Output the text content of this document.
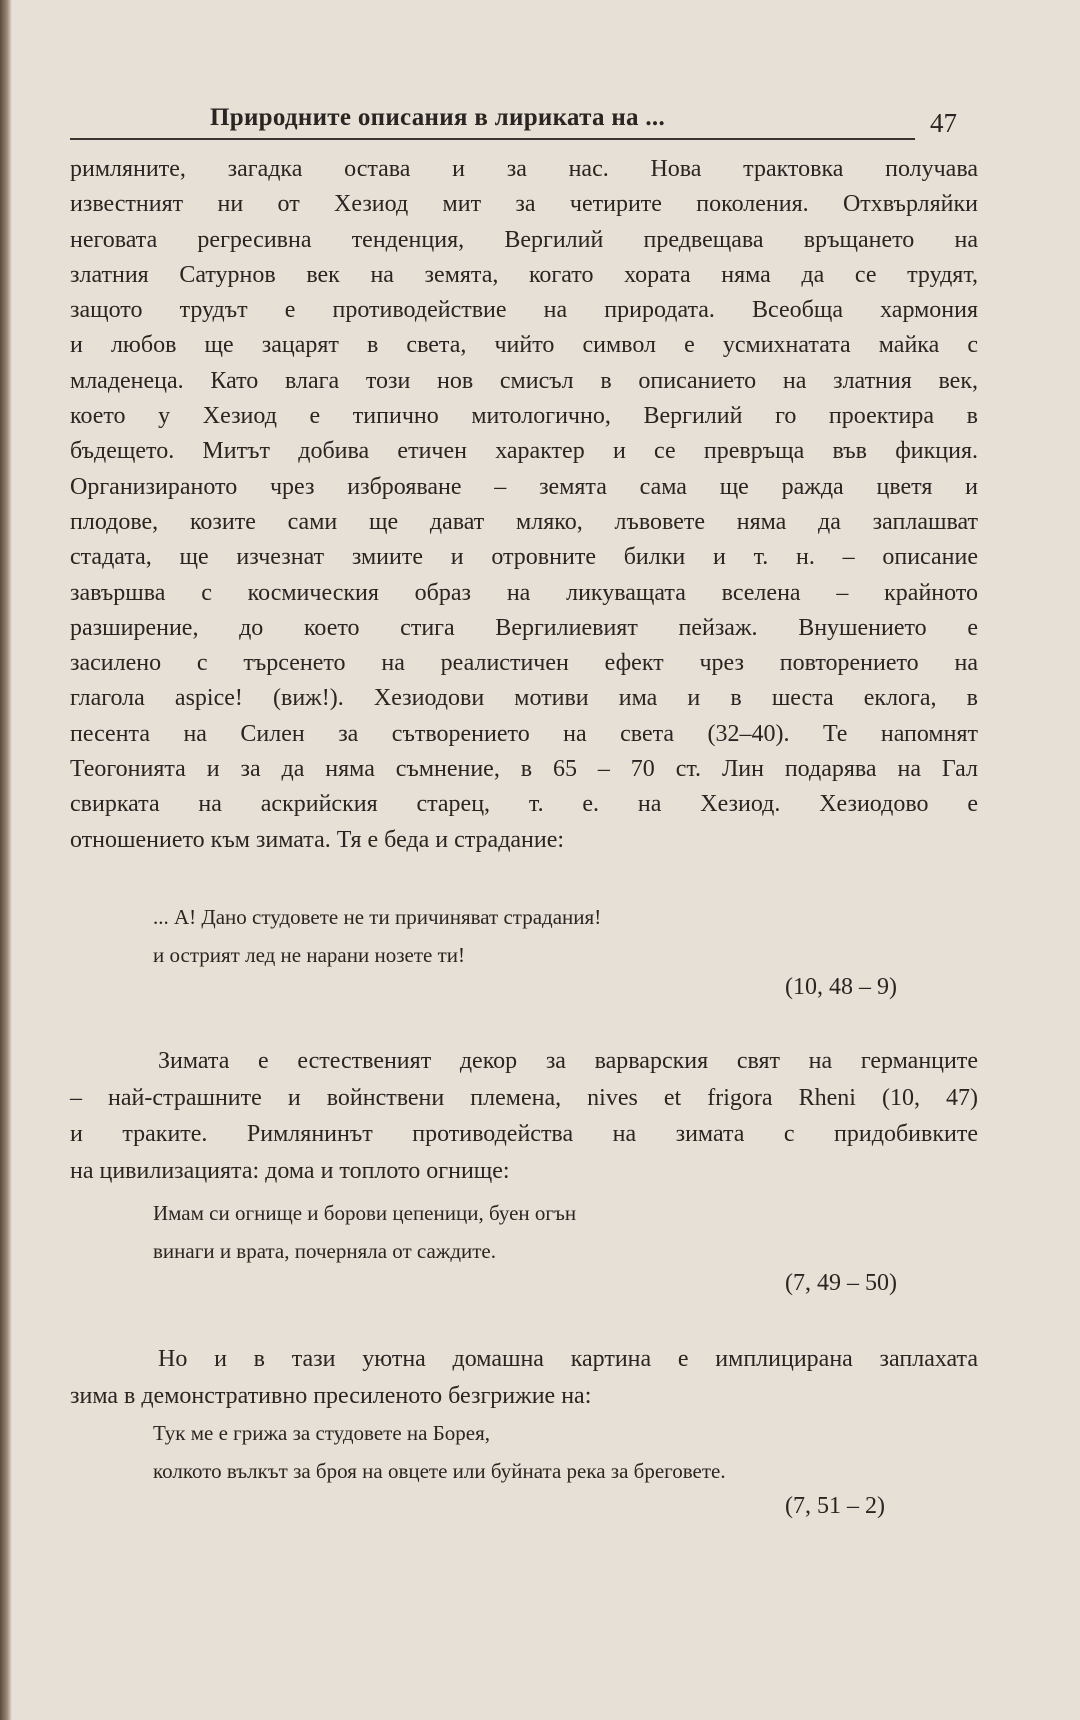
Природните описания в лириката на ...	47
римляните, загадка остава и за нас. Нова трактовка получава
известният ни от Хезиод мит за четирите поколения. Отхвърляйки
неговата регресивна тенденция, Вергилий предвещава връщането на
златния Сатурнов век на земята, когато хората няма да се трудят,
защото трудът е противодействие на природата. Всеобща хармония
и любов ще зацарят в света, чийто символ е усмихнатата майка с
младенеца. Като влага този нов смисъл в описанието на златния век,
което у Хезиод е типично митологично, Вергилий го проектира в
бъдещето. Митът добива етичен характер и се превръща във фикция.
Организираното чрез изброяване – земята сама ще ражда цветя и
плодове, козите сами ще дават мляко, лъвовете няма да заплашват
стадата, ще изчезнат змиите и отровните билки и т. н. – описание
завършва с космическия образ на ликуващата вселена – крайното
разширение, до което стига Вергилиевият пейзаж. Внушението е
засилено с търсенето на реалистичен ефект чрез повторението на
глагола aspice! (виж!). Хезиодови мотиви има и в шеста еклога, в
песента на Силен за сътворението на света (32–40). Те напомнят
Теогонията и за да няма съмнение, в 65 – 70 ст. Лин подарява на Гал
свирката на аскрийския старец, т. е. на Хезиод. Хезиодово е
отношението към зимата. Тя е беда и страдание:
... А! Дано студовете не ти причиняват страдания!
и острият лед не нарани нозете ти!
(10, 48 – 9)
Зимата е естественият декор за варварския свят на германците
– най-страшните и войнствени племена, nives et frigora Rheni (10, 47)
и траките. Римлянинът противодейства на зимата с придобивките
на цивилизацията: дома и топлото огнище:
Имам си огнище и борови цепеници, буен огън
винаги и врата, почерняла от саждите.
(7, 49 – 50)
Но и в тази уютна домашна картина е имплицирана заплахата
зима в демонстративно пресиленото безгрижие на:
Тук ме е грижа за студовете на Борея,
колкото вълкът за броя на овцете или буйната река за бреговете.
(7, 51 – 2)
